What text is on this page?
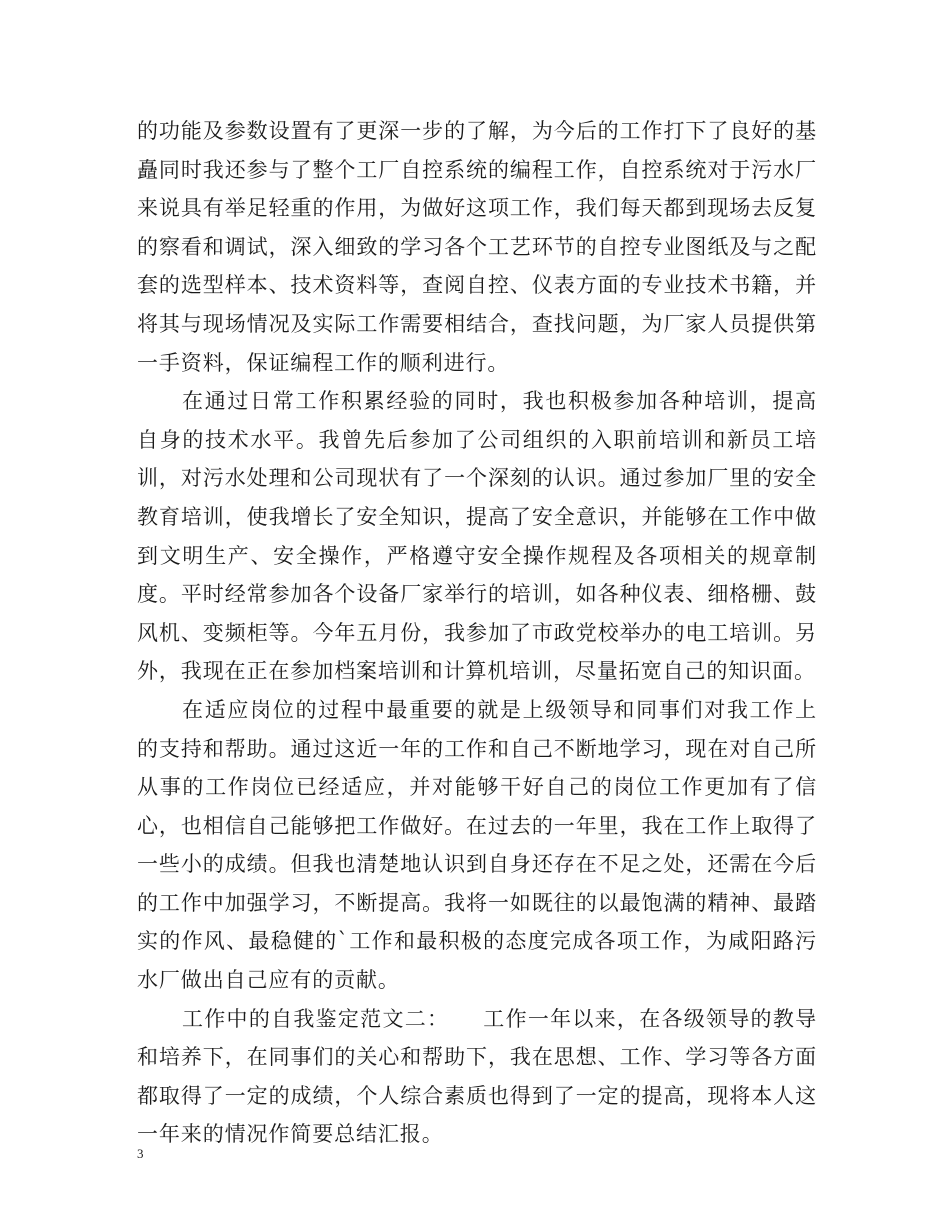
的功能及参数设置有了更深一步的了解，为今后的工作打下了良好的基矗同时我还参与了整个工厂自控系统的编程工作，自控系统对于污水厂来说具有举足轻重的作用，为做好这项工作，我们每天都到现场去反复的察看和调试，深入细致的学习各个工艺环节的自控专业图纸及与之配套的选型样本、技术资料等，查阅自控、仪表方面的专业技术书籍，并将其与现场情况及实际工作需要相结合，查找问题，为厂家人员提供第一手资料，保证编程工作的顺利进行。

在通过日常工作积累经验的同时，我也积极参加各种培训，提高自身的技术水平。我曾先后参加了公司组织的入职前培训和新员工培训，对污水处理和公司现状有了一个深刻的认识。通过参加厂里的安全教育培训，使我增长了安全知识，提高了安全意识，并能够在工作中做到文明生产、安全操作，严格遵守安全操作规程及各项相关的规章制度。平时经常参加各个设备厂家举行的培训，如各种仪表、细格栅、鼓风机、变频柜等。今年五月份，我参加了市政党校举办的电工培训。另外，我现在正在参加档案培训和计算机培训，尽量拓宽自己的知识面。

在适应岗位的过程中最重要的就是上级领导和同事们对我工作上的支持和帮助。通过这近一年的工作和自己不断地学习，现在对自己所从事的工作岗位已经适应，并对能够干好自己的岗位工作更加有了信心，也相信自己能够把工作做好。在过去的一年里，我在工作上取得了一些小的成绩。但我也清楚地认识到自身还存在不足之处，还需在今后的工作中加强学习，不断提高。我将一如既往的以最饱满的精神、最踏实的作风、最稳健的`工作和最积极的态度完成各项工作，为咸阳路污水厂做出自己应有的贡献。

工作中的自我鉴定范文二：　　工作一年以来，在各级领导的教导和培养下，在同事们的关心和帮助下，我在思想、工作、学习等各方面都取得了一定的成绩，个人综合素质也得到了一定的提高，现将本人这一年来的情况作简要总结汇报。

3
